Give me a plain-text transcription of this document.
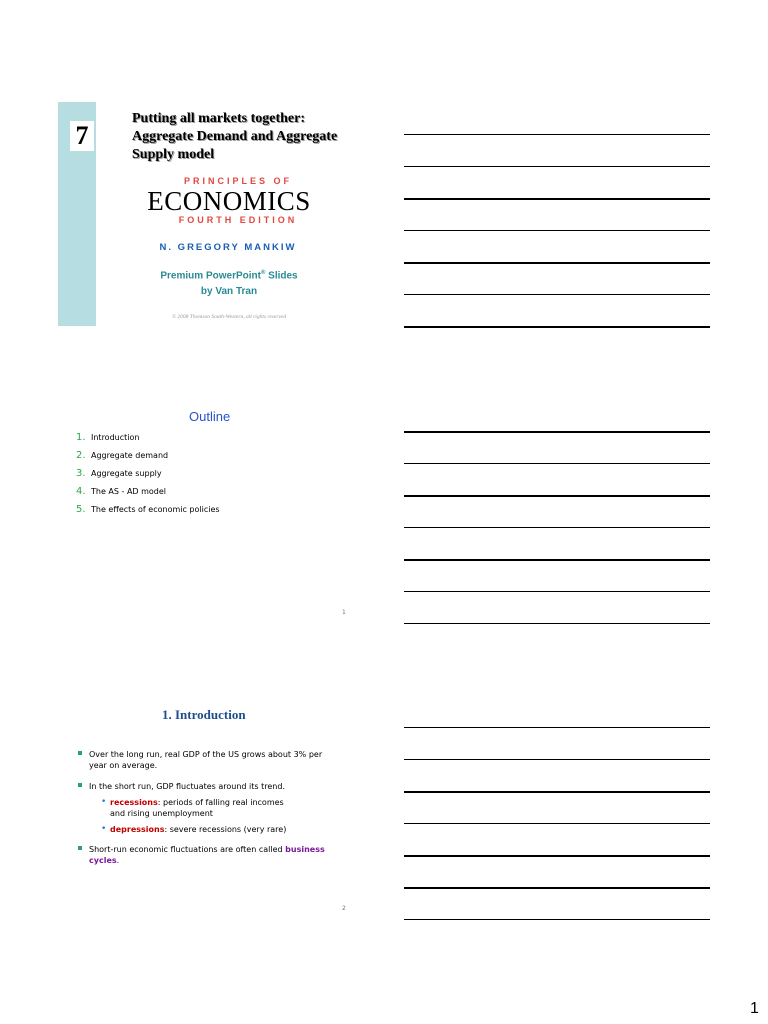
7
Putting all markets together:
Aggregate Demand and Aggregate
Supply model
PRINCIPLES OF
ECONOMICS
FOURTH EDITION
N. GREGORY MANKIW
Premium PowerPoint® Slides
by Van Tran
© 2008 Thomson South-Western, all rights reserved
Outline
1. Introduction
2. Aggregate demand
3. Aggregate supply
4. The AS - AD model
5. The effects of economic policies
1
1. Introduction
Over the long run, real GDP of the US grows about 3% per
year on average.
In the short run, GDP fluctuates around its trend.
• recessions: periods of falling real incomes
and rising unemployment
• depressions: severe recessions (very rare)
Short-run economic fluctuations are often called business
cycles.
2
1
